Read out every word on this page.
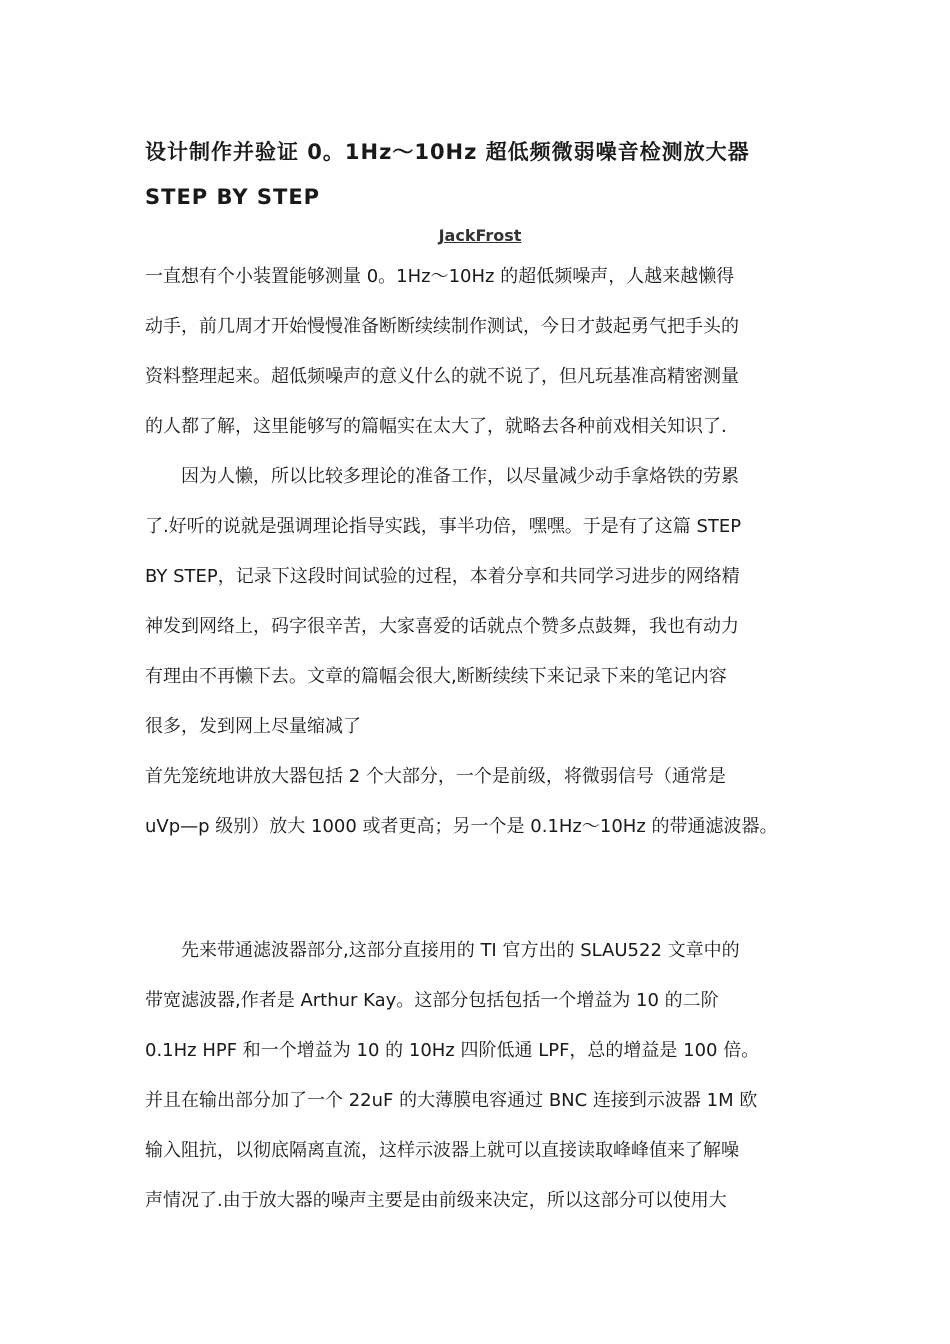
设计制作并验证 0。1Hz～10Hz 超低频微弱噪音检测放大器
STEP BY STEP
JackFrost
一直想有个小装置能够测量 0。1Hz～10Hz 的超低频噪声，人越来越懒得
动手，前几周才开始慢慢准备断断续续制作测试，今日才鼓起勇气把手头的
资料整理起来。超低频噪声的意义什么的就不说了，但凡玩基准高精密测量
的人都了解，这里能够写的篇幅实在太大了，就略去各种前戏相关知识了.
　　因为人懒，所以比较多理论的准备工作，以尽量减少动手拿烙铁的劳累
了.好听的说就是强调理论指导实践，事半功倍，嘿嘿。于是有了这篇 STEP
BY STEP，记录下这段时间试验的过程，本着分享和共同学习进步的网络精
神发到网络上，码字很辛苦，大家喜爱的话就点个赞多点鼓舞，我也有动力
有理由不再懒下去。文章的篇幅会很大,断断续续下来记录下来的笔记内容
很多，发到网上尽量缩减了
首先笼统地讲放大器包括 2 个大部分，一个是前级，将微弱信号（通常是
uVp—p 级别）放大 1000 或者更高；另一个是 0.1Hz～10Hz 的带通滤波器。
　　先来带通滤波器部分,这部分直接用的 TI 官方出的 SLAU522 文章中的
带宽滤波器,作者是 Arthur Kay。这部分包括包括一个增益为 10 的二阶
0.1Hz HPF 和一个增益为 10 的 10Hz 四阶低通 LPF，总的增益是 100 倍。
并且在输出部分加了一个 22uF 的大薄膜电容通过 BNC 连接到示波器 1M 欧
输入阻抗，以彻底隔离直流，这样示波器上就可以直接读取峰峰值来了解噪
声情况了.由于放大器的噪声主要是由前级来决定，所以这部分可以使用大
